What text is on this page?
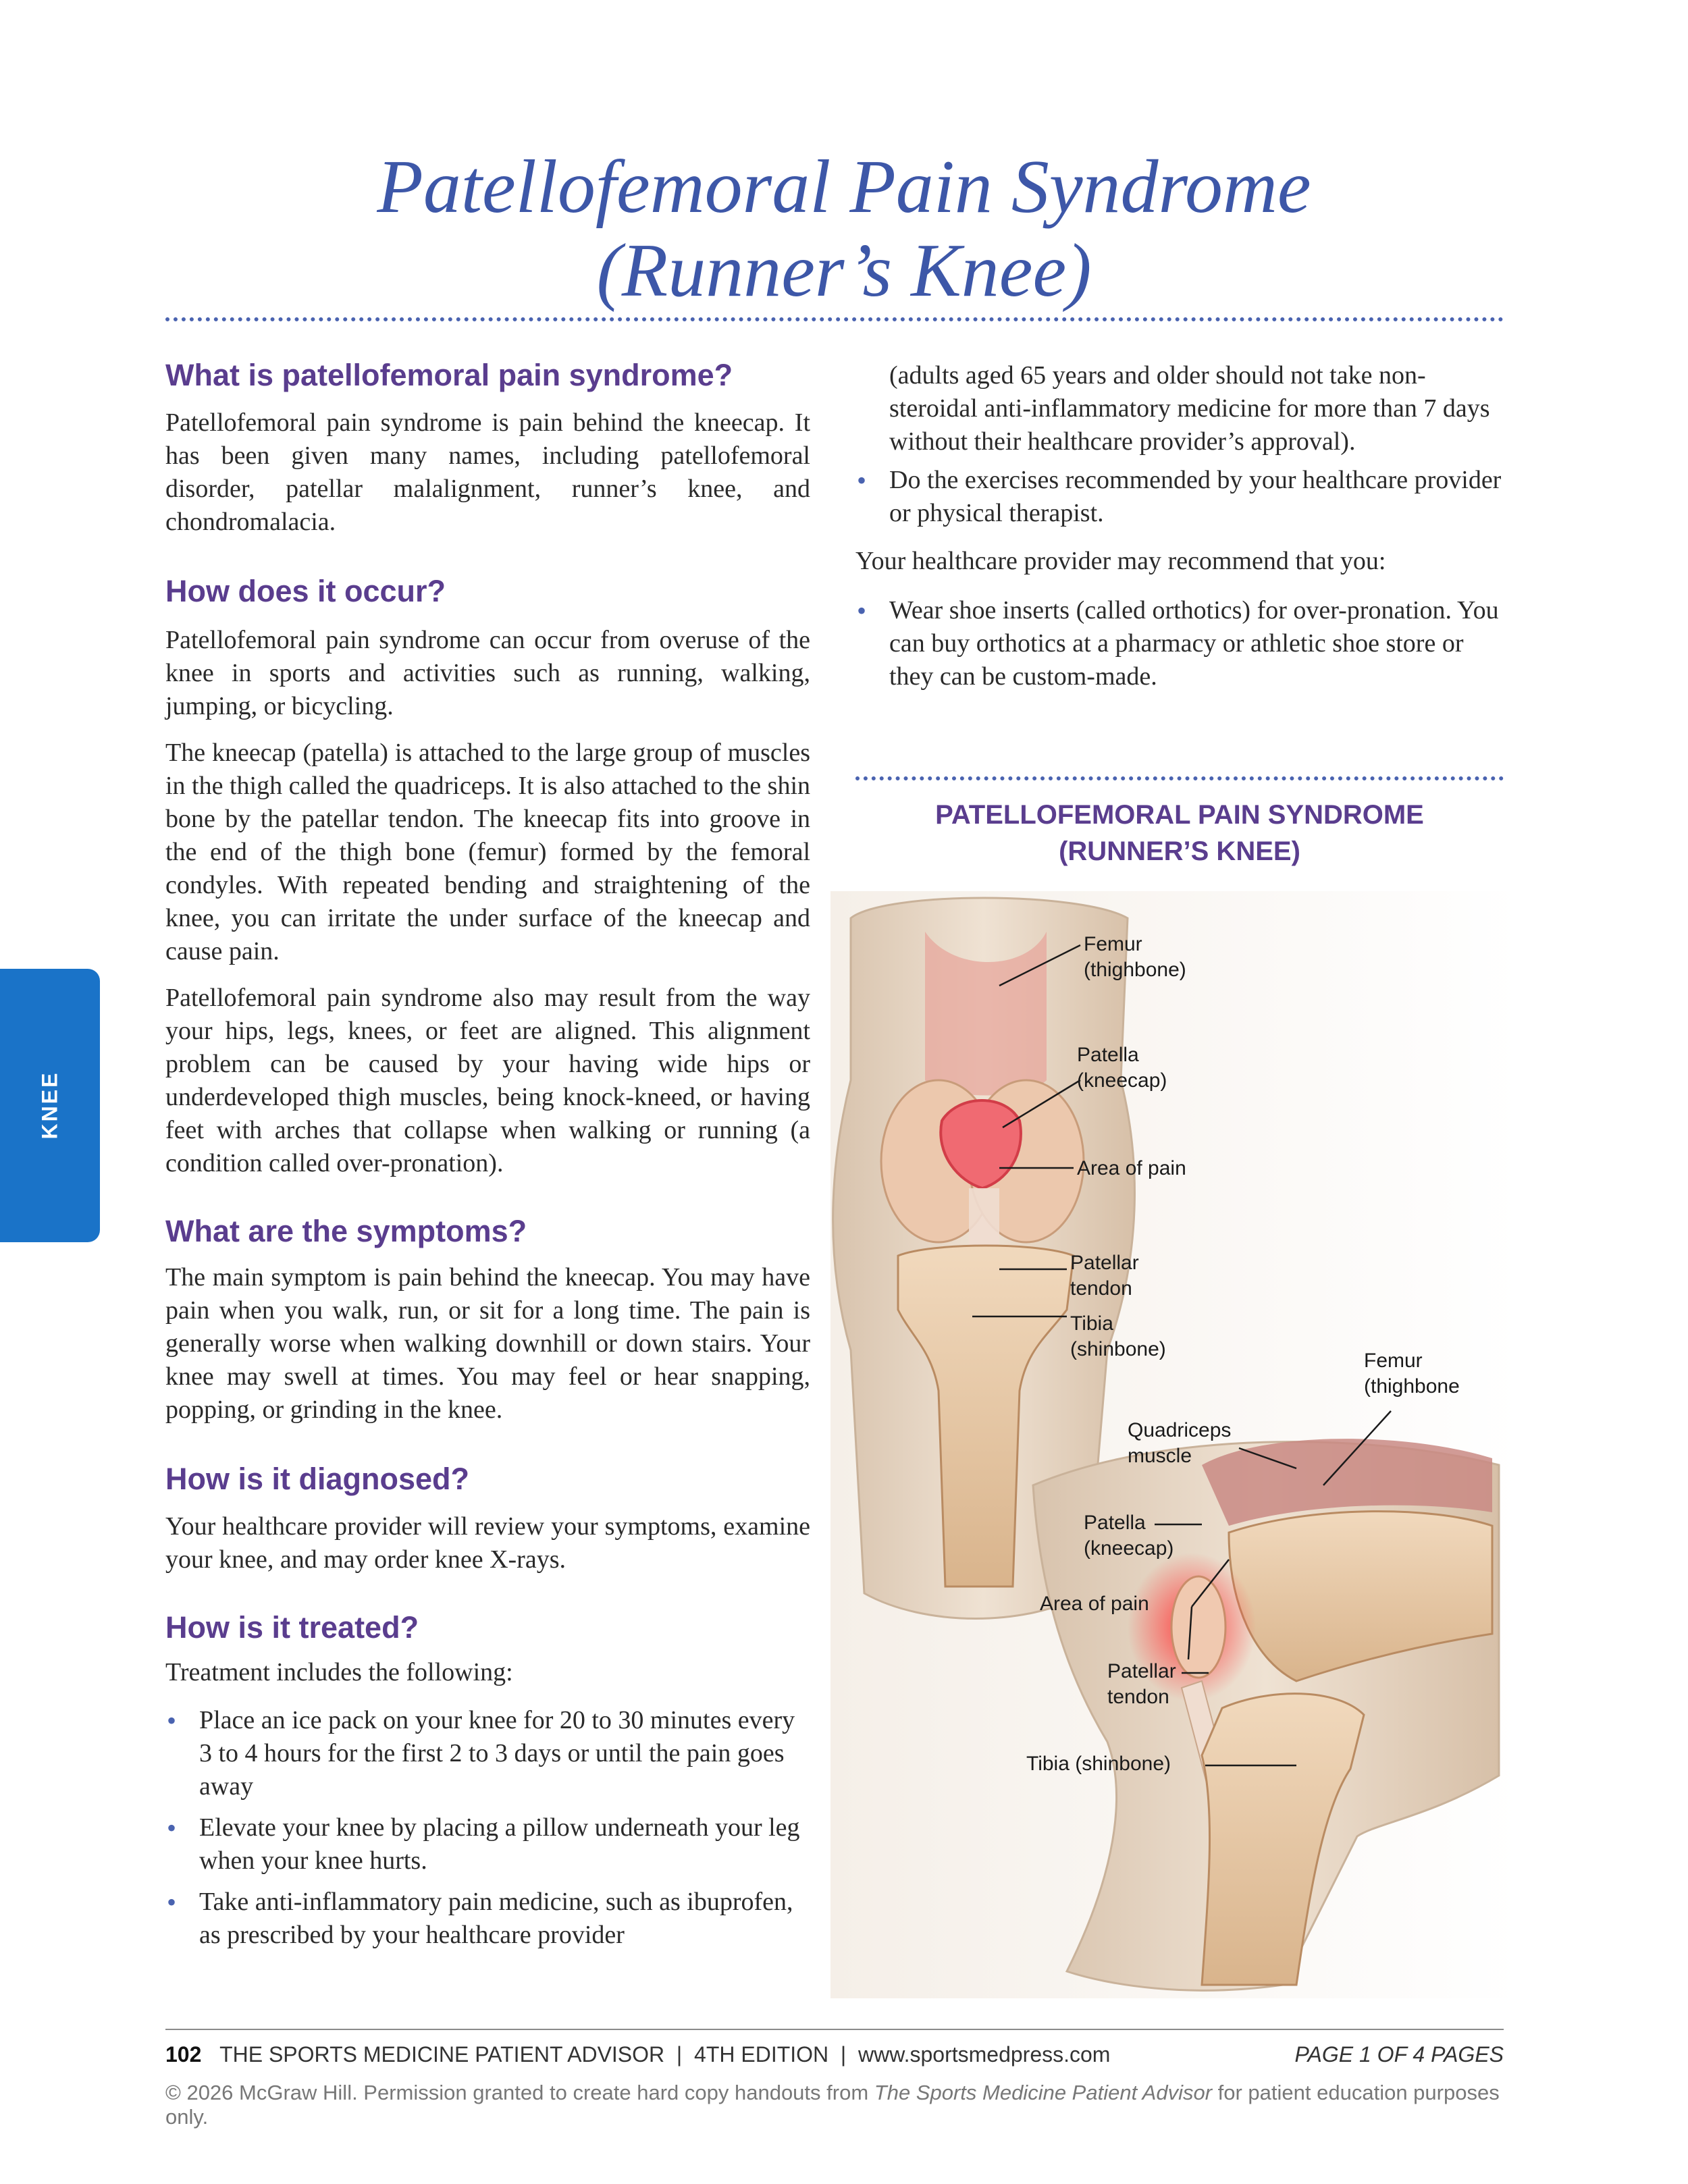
Patellofemoral Pain Syndrome
(Runner’s Knee)
KNEE
What is patellofemoral pain syndrome?

Patellofemoral pain syndrome is pain behind the kneecap. It has been given many names, including patellofemoral disorder, patellar malalignment, runner’s knee, and chondromalacia.

How does it occur?

Patellofemoral pain syndrome can occur from overuse of the knee in sports and activities such as running, walking, jumping, or bicycling.

The kneecap (patella) is attached to the large group of muscles in the thigh called the quadriceps. It is also attached to the shin bone by the patellar tendon. The kneecap fits into groove in the end of the thigh bone (femur) formed by the femoral condyles. With repeated bending and straightening of the knee, you can irritate the under surface of the kneecap and cause pain.

Patellofemoral pain syndrome also may result from the way your hips, legs, knees, or feet are aligned. This alignment problem can be caused by your having wide hips or underdeveloped thigh muscles, being knock-kneed, or having feet with arches that collapse when walking or running (a condition called over-pronation).

What are the symptoms?

The main symptom is pain behind the kneecap. You may have pain when you walk, run, or sit for a long time. The pain is generally worse when walking downhill or down stairs. Your knee may swell at times. You may feel or hear snapping, popping, or grinding in the knee.

How is it diagnosed?

Your healthcare provider will review your symptoms, examine your knee, and may order knee X-rays.

How is it treated?

Treatment includes the following:

• Place an ice pack on your knee for 20 to 30 minutes every 3 to 4 hours for the first 2 to 3 days or until the pain goes away
• Elevate your knee by placing a pillow underneath your leg when your knee hurts.
• Take anti-inflammatory pain medicine, such as ibuprofen, as prescribed by your healthcare provider

(adults aged 65 years and older should not take non-steroidal anti-inflammatory medicine for more than 7 days without their healthcare provider’s approval).

• Do the exercises recommended by your healthcare provider or physical therapist.

Your healthcare provider may recommend that you:

• Wear shoe inserts (called orthotics) for over-pronation. You can buy orthotics at a pharmacy or athletic shoe store or they can be custom-made.
PATELLOFEMORAL PAIN SYNDROME
(RUNNER’S KNEE)
Femur
(thighbone)
Patella
(kneecap)
Area of pain
Patellar
tendon
Tibia
(shinbone)
Femur
(thighbone
Quadriceps
muscle
Patella
(kneecap)
Area of pain
Patellar
tendon
Tibia (shinbone)
102 THE SPORTS MEDICINE PATIENT ADVISOR | 4TH EDITION | www.sportsmedpress.com	PAGE 1 OF 4 PAGES
© 2026 McGraw Hill. Permission granted to create hard copy handouts from The Sports Medicine Patient Advisor for patient education purposes only.
